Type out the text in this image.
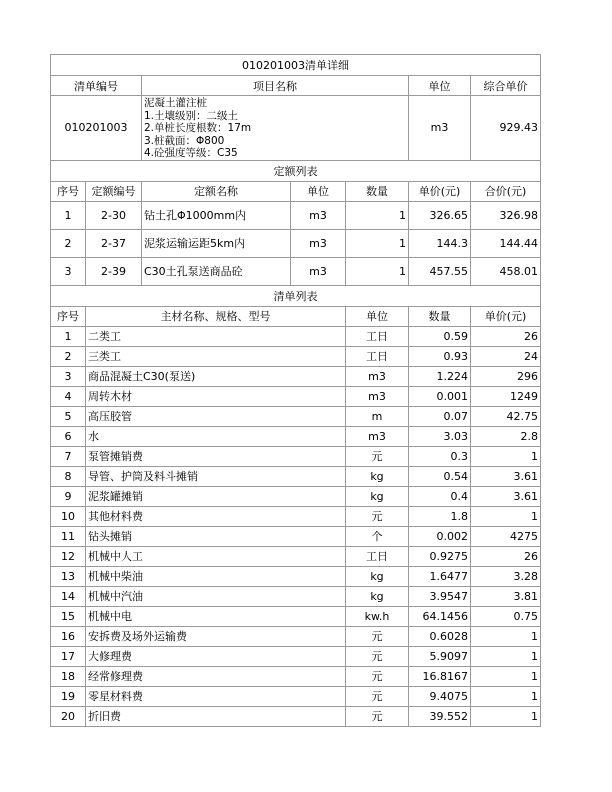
010201003清单详细							
清单编号		项目名称			单位	综合单价	
010201003		泥凝土灌注桩
1.土壤级别：二级土
2.单桩长度根数：17m
3.桩截面：Φ800
4.砼强度等级：C35			m3	929.43	
定额列表							
序号	定额编号	定额名称	单位	数量	单价(元)	合价(元)	
1	2-30	钻土孔Φ1000mm内	m3	1	326.65	326.98	
2	2-37	泥浆运输运距5km内	m3	1	144.3	144.44	
3	2-39	C30土孔泵送商品砼	m3	1	457.55	458.01	
清单列表							
序号	主材名称、规格、型号			单位	数量	单价(元)	
1	二类工			工日	0.59	26	
2	三类工			工日	0.93	24	
3	商品混凝土C30(泵送)			m3	1.224	296	
4	周转木材			m3	0.001	1249	
5	高压胶管			m	0.07	42.75	
6	水			m3	3.03	2.8	
7	泵管摊销费			元	0.3	1	
8	导管、护筒及料斗摊销			kg	0.54	3.61	
9	泥浆罐摊销			kg	0.4	3.61	
10	其他材料费			元	1.8	1	
11	钻头摊销			个	0.002	4275	
12	机械中人工			工日	0.9275	26	
13	机械中柴油			kg	1.6477	3.28	
14	机械中汽油			kg	3.9547	3.81	
15	机械中电			kw.h	64.1456	0.75	
16	安拆费及场外运输费			元	0.6028	1	
17	大修理费			元	5.9097	1	
18	经常修理费			元	16.8167	1	
19	零星材料费			元	9.4075	1	
20	折旧费			元	39.552	1	
